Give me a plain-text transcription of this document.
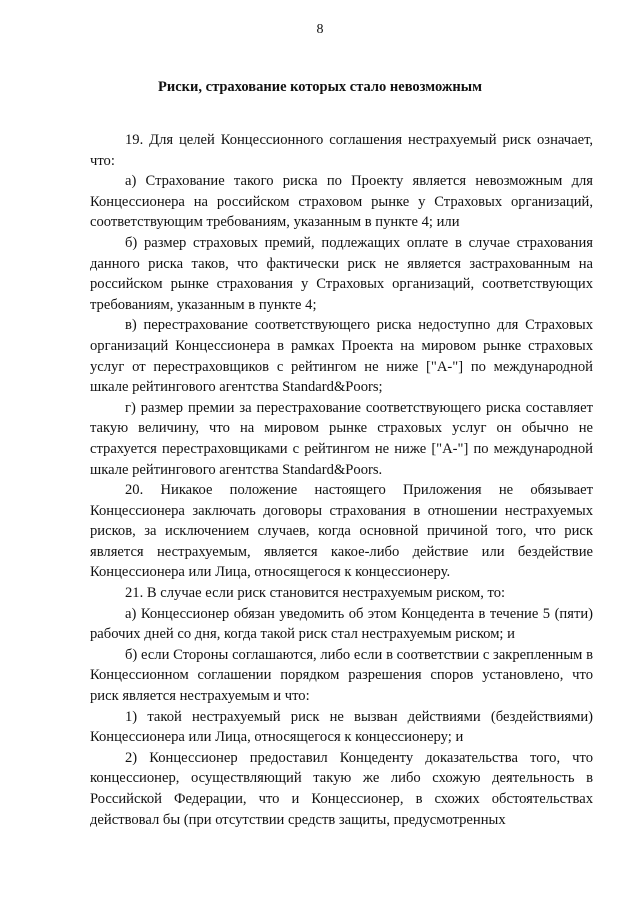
8
Риски, страхование которых стало невозможным

19. Для целей Концессионного соглашения нестрахуемый риск означает, что:

а) Страхование такого риска по Проекту является невозможным для Концессионера на российском страховом рынке у Страховых организаций, соответствующим требованиям, указанным в пункте 4; или

б) размер страховых премий, подлежащих оплате в случае страхования данного риска таков, что фактически риск не является застрахованным на российском рынке страхования у Страховых организаций, соответствующих требованиям, указанным в пункте 4;

в) перестрахование соответствующего риска недоступно для Страховых организаций Концессионера в рамках Проекта на мировом рынке страховых услуг от перестраховщиков с рейтингом не ниже ["А-"] по международной шкале рейтингового агентства Standard&Poors;

г) размер премии за перестрахование соответствующего риска составляет такую величину, что на мировом рынке страховых услуг он обычно не страхуется перестраховщиками с рейтингом не ниже ["А-"] по международной шкале рейтингового агентства Standard&Poors.

20. Никакое положение настоящего Приложения не обязывает Концессионера заключать договоры страхования в отношении нестрахуемых рисков, за исключением случаев, когда основной причиной того, что риск является нестрахуемым, является какое-либо действие или бездействие Концессионера или Лица, относящегося к концессионеру.

21. В случае если риск становится нестрахуемым риском, то:

а) Концессионер обязан уведомить об этом Концедента в течение 5 (пяти) рабочих дней со дня, когда такой риск стал нестрахуемым риском; и

б) если Стороны соглашаются, либо если в соответствии с закрепленным в Концессионном соглашении порядком разрешения споров установлено, что риск является нестрахуемым и что:

1) такой нестрахуемый риск не вызван действиями (бездействиями) Концессионера или Лица, относящегося к концессионеру; и

2) Концессионер предоставил Концеденту доказательства того, что концессионер, осуществляющий такую же либо схожую деятельность в Российской Федерации, что и Концессионер, в схожих обстоятельствах действовал бы (при отсутствии средств защиты, предусмотренных
